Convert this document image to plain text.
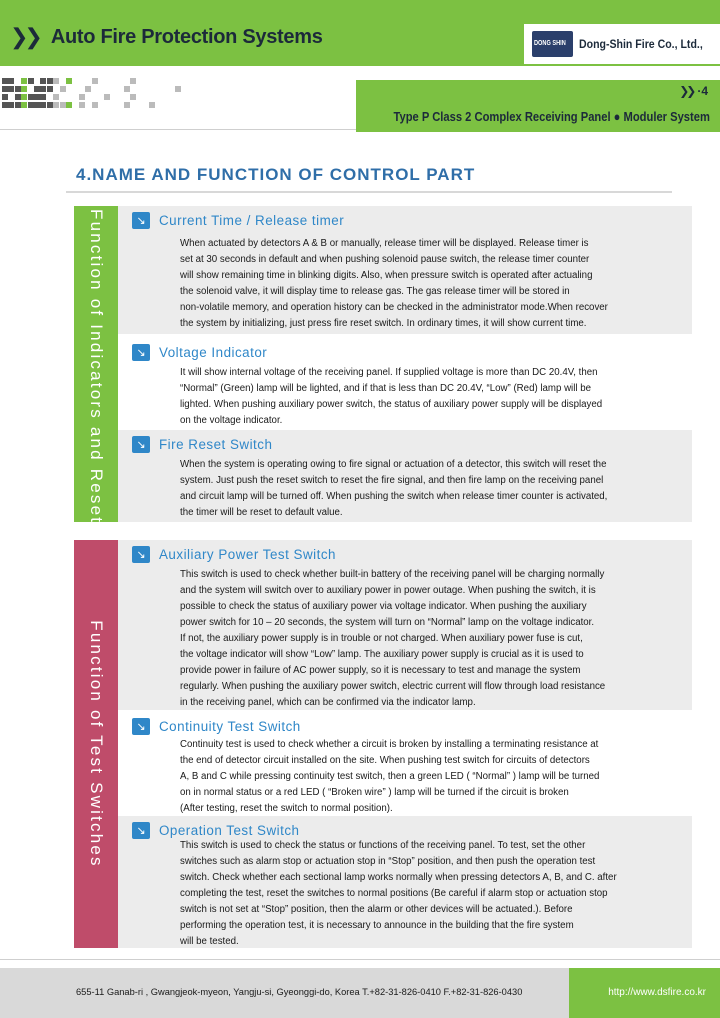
❯❯ Auto Fire Protection Systems	DONG SHIN Dong-Shin Fire Co., Ltd.,
❯❯ ·4
Type P Class 2 Complex Receiving Panel ● Moduler System
4.NAME AND FUNCTION OF CONTROL PART
Function of Indicators and Reset	↘ Current Time / Release timer

When actuated by detectors A & B or manually, release timer will be displayed. Release timer is

set at 30 seconds in default and when pushing solenoid pause switch, the release timer counter

will show remaining time in blinking digits. Also, when pressure switch is operated after actualing

the solenoid valve, it will display time to release gas. The gas release timer will be stored in

non-volatile memory, and operation history can be checked in the administrator mode.When recover

the system by initializing, just press fire reset switch. In ordinary times, it will show current time.

↘ Voltage Indicator

It will show internal voltage of the receiving panel. If supplied voltage is more than DC 20.4V, then

“Normal” (Green) lamp will be lighted, and if that is less than DC 20.4V, “Low” (Red) lamp will be

lighted. When pushing auxiliary power switch, the status of auxiliary power supply will be displayed

on the voltage indicator.

↘ Fire Reset Switch

When the system is operating owing to fire signal or actuation of a detector, this switch will reset the

system. Just push the reset switch to reset the fire signal, and then fire lamp on the receiving panel

and circuit lamp will be turned off. When pushing the switch when release timer counter is activated,

the timer will be reset to default value.

Function of Test Switches
↘ Auxiliary Power Test Switch

This switch is used to check whether built-in battery of the receiving panel will be charging normally

and the system will switch over to auxiliary power in power outage. When pushing the switch, it is

possible to check the status of auxiliary power via voltage indicator. When pushing the auxiliary

power switch for 10 – 20 seconds, the system will turn on “Normal” lamp on the voltage indicator.

If not, the auxiliary power supply is in trouble or not charged. When auxiliary power fuse is cut,

the voltage indicator will show “Low” lamp. The auxiliary power supply is crucial as it is used to

provide power in failure of AC power supply, so it is necessary to test and manage the system

regularly. When pushing the auxiliary power switch, electric current will flow through load resistance

in the receiving panel, which can be confirmed via the indicator lamp.

↘ Continuity Test Switch

Continuity test is used to check whether a circuit is broken by installing a terminating resistance at

the end of detector circuit installed on the site. When pushing test switch for circuits of detectors

A, B and C while pressing continuity test switch, then a green LED ( “Normal” ) lamp will be turned

on in normal status or a red LED ( “Broken wire” ) lamp will be turned if the circuit is broken

(After testing, reset the switch to normal position).

↘ Operation Test Switch

This switch is used to check the status or functions of the receiving panel. To test, set the other

switches such as alarm stop or actuation stop in “Stop” position, and then push the operation test

switch. Check whether each sectional lamp works normally when pressing detectors A, B, and C. after

completing the test, reset the switches to normal positions (Be careful if alarm stop or actuation stop

switch is not set at “Stop” position, then the alarm or other devices will be actuated.). Before

performing the operation test, it is necessary to announce in the building that the fire system

will be tested.

655-11 Ganab-ri , Gwangjeok-myeon, Yangju-si, Gyeonggi-do, Korea T.+82-31-826-0410 F.+82-31-826-0430	http://www.dsfire.co.kr
